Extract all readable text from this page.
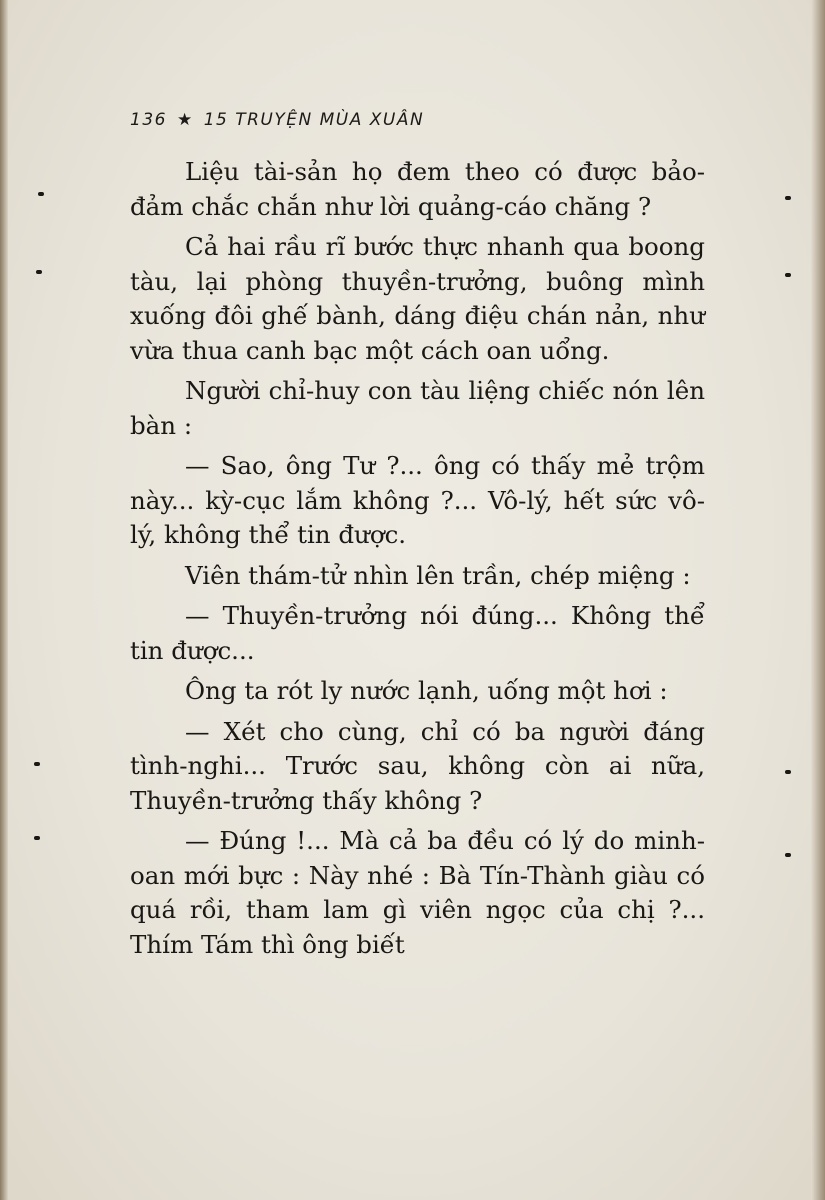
136 ★ 15 TRUYỆN MÙA XUÂN

Liệu tài-sản họ đem theo có được bảo-đảm chắc chắn như lời quảng-cáo chăng ?

Cả hai rầu rĩ bước thực nhanh qua boong tàu, lại phòng thuyền-trưởng, buông mình xuống đôi ghế bành, dáng điệu chán nản, như vừa thua canh bạc một cách oan uổng.

Người chỉ-huy con tàu liệng chiếc nón lên bàn :

— Sao, ông Tư ?... ông có thấy mẻ trộm này... kỳ-cục lắm không ?... Vô-lý, hết sức vô-lý, không thể tin được.

Viên thám-tử nhìn lên trần, chép miệng :

— Thuyền-trưởng nói đúng... Không thể tin được...

Ông ta rót ly nước lạnh, uống một hơi :

— Xét cho cùng, chỉ có ba người đáng tình-nghi... Trước sau, không còn ai nữa, Thuyền-trưởng thấy không ?

— Đúng !... Mà cả ba đều có lý do minh-oan mới bực : Này nhé : Bà Tín-Thành giàu có quá rồi, tham lam gì viên ngọc của chị ?... Thím Tám thì ông biết
